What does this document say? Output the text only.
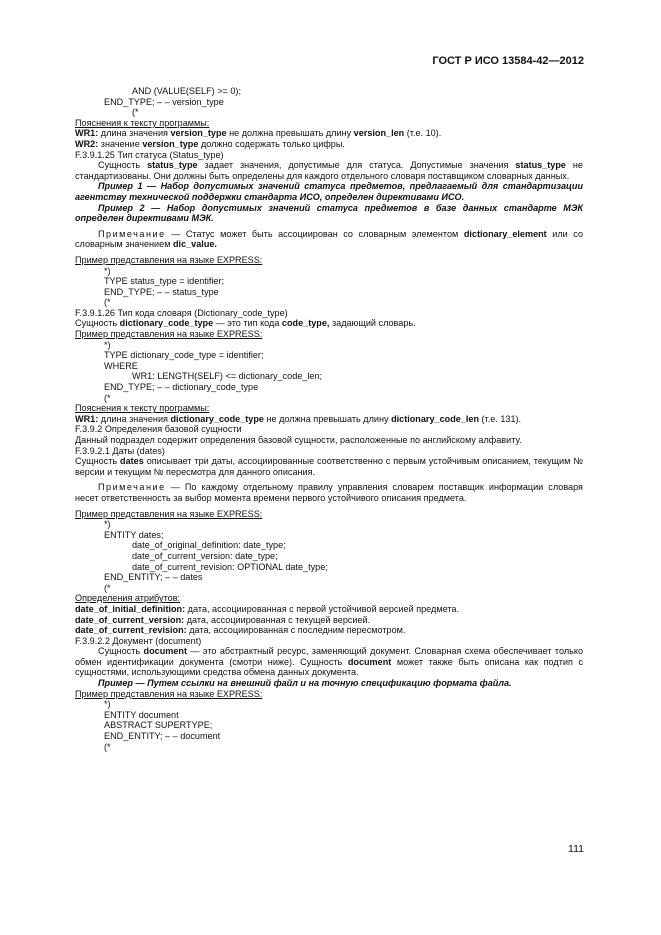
ГОСТ Р ИСО 13584-42—2012
AND (VALUE(SELF) >= 0);
END_TYPE; – – version_type
(*
Пояснения к тексту программы:
WR1: длина значения version_type не должна превышать длину version_len (т.е. 10).
WR2: значение version_type должно содержать только цифры.
F.3.9.1.25 Тип статуса (Status_type)
Сущность status_type задает значения, допустимые для статуса. Допустимые значения status_type не стандартизованы. Они должны быть определены для каждого отдельного словаря поставщиком словарных данных.
Пример 1 — Набор допустимых значений статуса предметов, предлагаемый для стандартизации агентству технической поддержки стандарта ИСО, определен директивами ИСО.
Пример 2 — Набор допустимых значений статуса предметов в базе данных стандарте МЭК определен директивами МЭК.
Примечание — Статус может быть ассоциирован со словарным элементом dictionary_element или со словарным значением dic_value.
Пример представления на языке EXPRESS:
*)
TYPE status_type = identifier;
END_TYPE; – – status_type
(*
F.3.9.1.26 Тип кода словаря (Dictionary_code_type)
Сущность dictionary_code_type — это тип кода code_type, задающий словарь.
Пример представления на языке EXPRESS:
*)
TYPE dictionary_code_type = identifier;
WHERE
WR1: LENGTH(SELF) <= dictionary_code_len;
END_TYPE; – – dictionary_code_type
(*
Пояснения к тексту программы:
WR1: длина значения dictionary_code_type не должна превышать длину dictionary_code_len (т.е. 131).
F.3.9.2 Определения базовой сущности
Данный подраздел содержит определения базовой сущности, расположенные по английскому алфавиту.
F.3.9.2.1 Даты (dates)
Сущность dates описывает три даты, ассоциированные соответственно с первым устойчивым описанием, текущим № версии и текущим № пересмотра для данного описания.
Примечание — По каждому отдельному правилу управления словарем поставщик информации словаря несет ответственность за выбор момента времени первого устойчивого описания предмета.
Пример представления на языке EXPRESS:
*)
ENTITY dates;
date_of_original_definition: date_type;
date_of_current_version: date_type;
date_of_current_revision: OPTIONAL date_type;
END_ENTITY; – – dates
(*
Определения атрибутов:
date_of_initial_definition: дата, ассоциированная с первой устойчивой версией предмета.
date_of_current_version: дата, ассоциированная с текущей версией.
date_of_current_revision: дата, ассоциированная с последним пересмотром.
F.3.9.2.2 Документ (document)
Сущность document — это абстрактный ресурс, заменяющий документ. Словарная схема обеспечивает только обмен идентификации документа (смотри ниже). Сущность document может также быть описана как подтип с сущностями, использующими средства обмена данных документа.
Пример — Путем ссылки на внешний файл и на точную спецификацию формата файла.
Пример представления на языке EXPRESS:
*)
ENTITY document
ABSTRACT SUPERTYPE;
END_ENTITY; – – document
(*
111
